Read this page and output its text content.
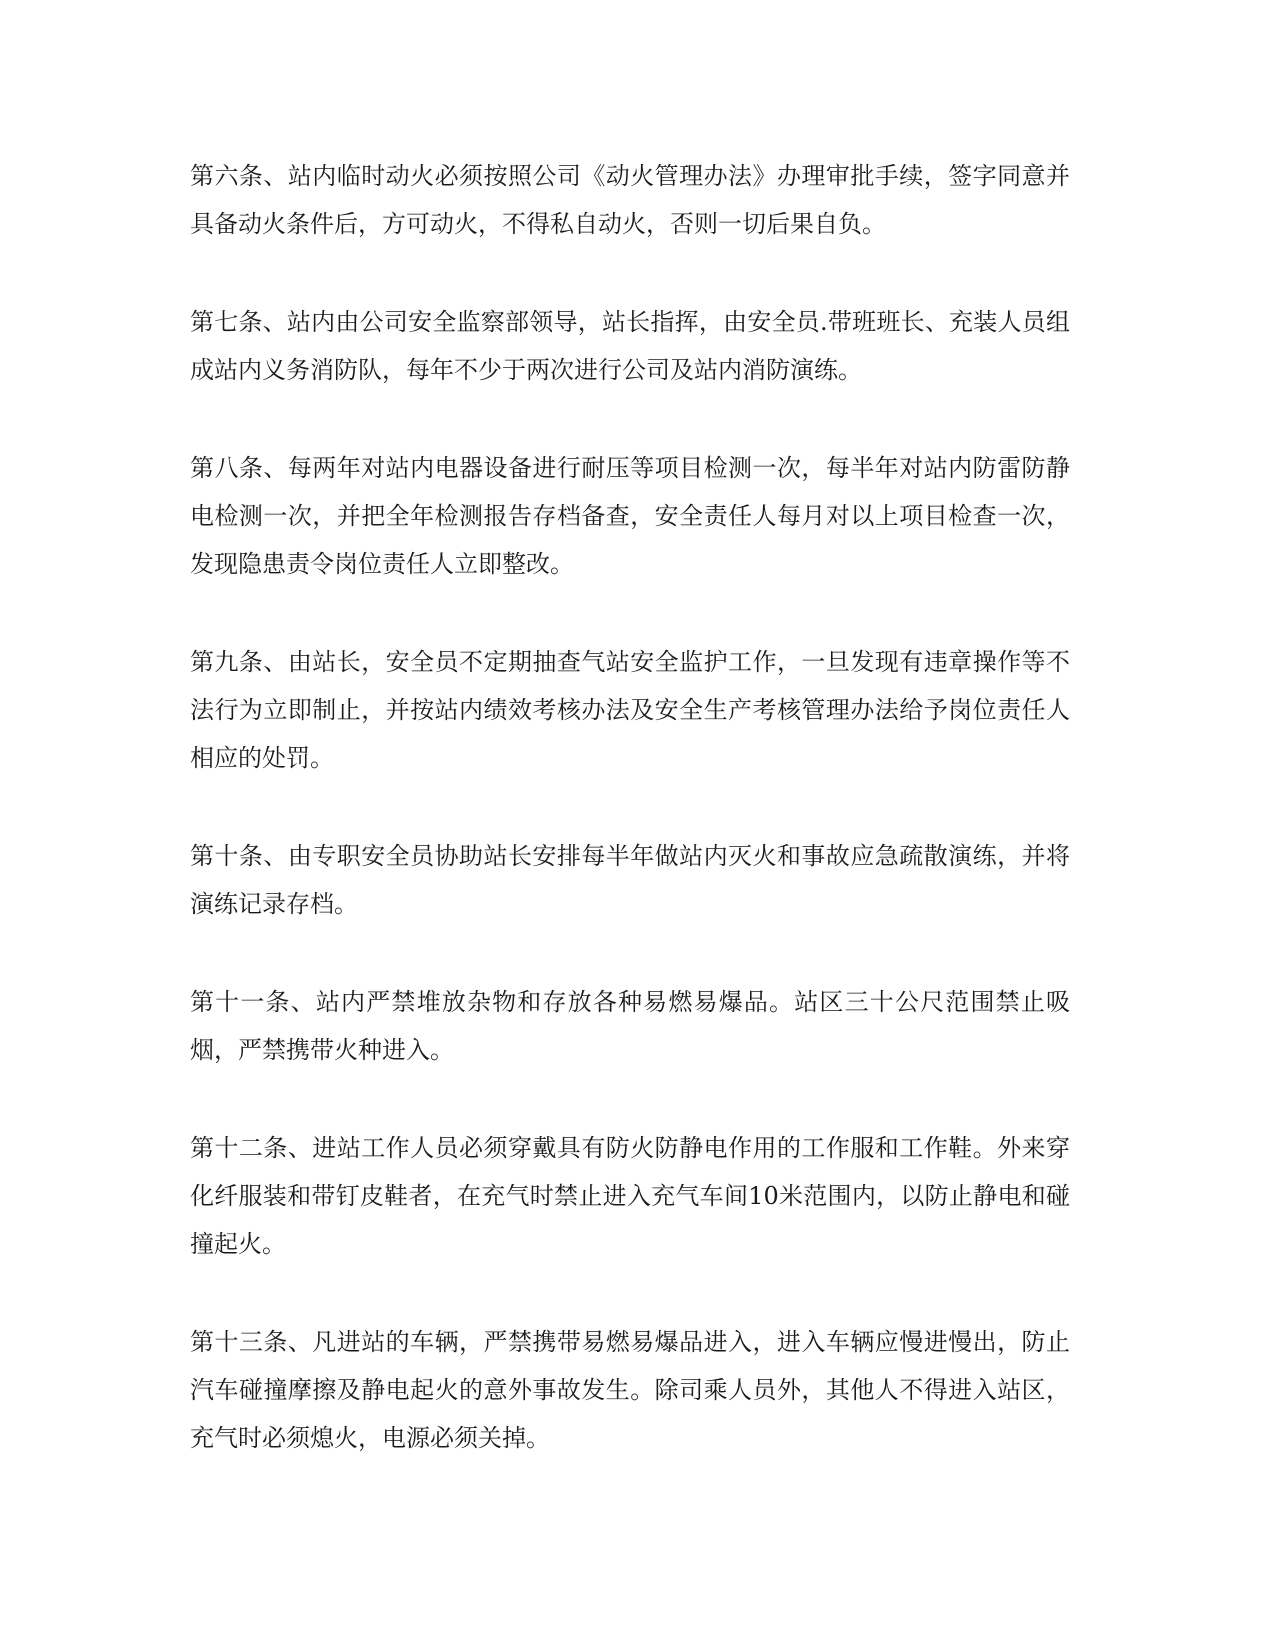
第六条、站内临时动火必须按照公司《动火管理办法》办理审批手续，签字同意并具备动火条件后，方可动火，不得私自动火，否则一切后果自负。

第七条、站内由公司安全监察部领导，站长指挥，由安全员.带班班长、充装人员组成站内义务消防队，每年不少于两次进行公司及站内消防演练。

第八条、每两年对站内电器设备进行耐压等项目检测一次，每半年对站内防雷防静电检测一次，并把全年检测报告存档备查，安全责任人每月对以上项目检查一次，发现隐患责令岗位责任人立即整改。

第九条、由站长，安全员不定期抽查气站安全监护工作，一旦发现有违章操作等不法行为立即制止，并按站内绩效考核办法及安全生产考核管理办法给予岗位责任人相应的处罚。

第十条、由专职安全员协助站长安排每半年做站内灭火和事故应急疏散演练，并将演练记录存档。

第十一条、站内严禁堆放杂物和存放各种易燃易爆品。站区三十公尺范围禁止吸烟，严禁携带火种进入。

第十二条、进站工作人员必须穿戴具有防火防静电作用的工作服和工作鞋。外来穿化纤服装和带钉皮鞋者，在充气时禁止进入充气车间10米范围内，以防止静电和碰撞起火。

第十三条、凡进站的车辆，严禁携带易燃易爆品进入，进入车辆应慢进慢出，防止汽车碰撞摩擦及静电起火的意外事故发生。除司乘人员外，其他人不得进入站区，充气时必须熄火，电源必须关掉。
